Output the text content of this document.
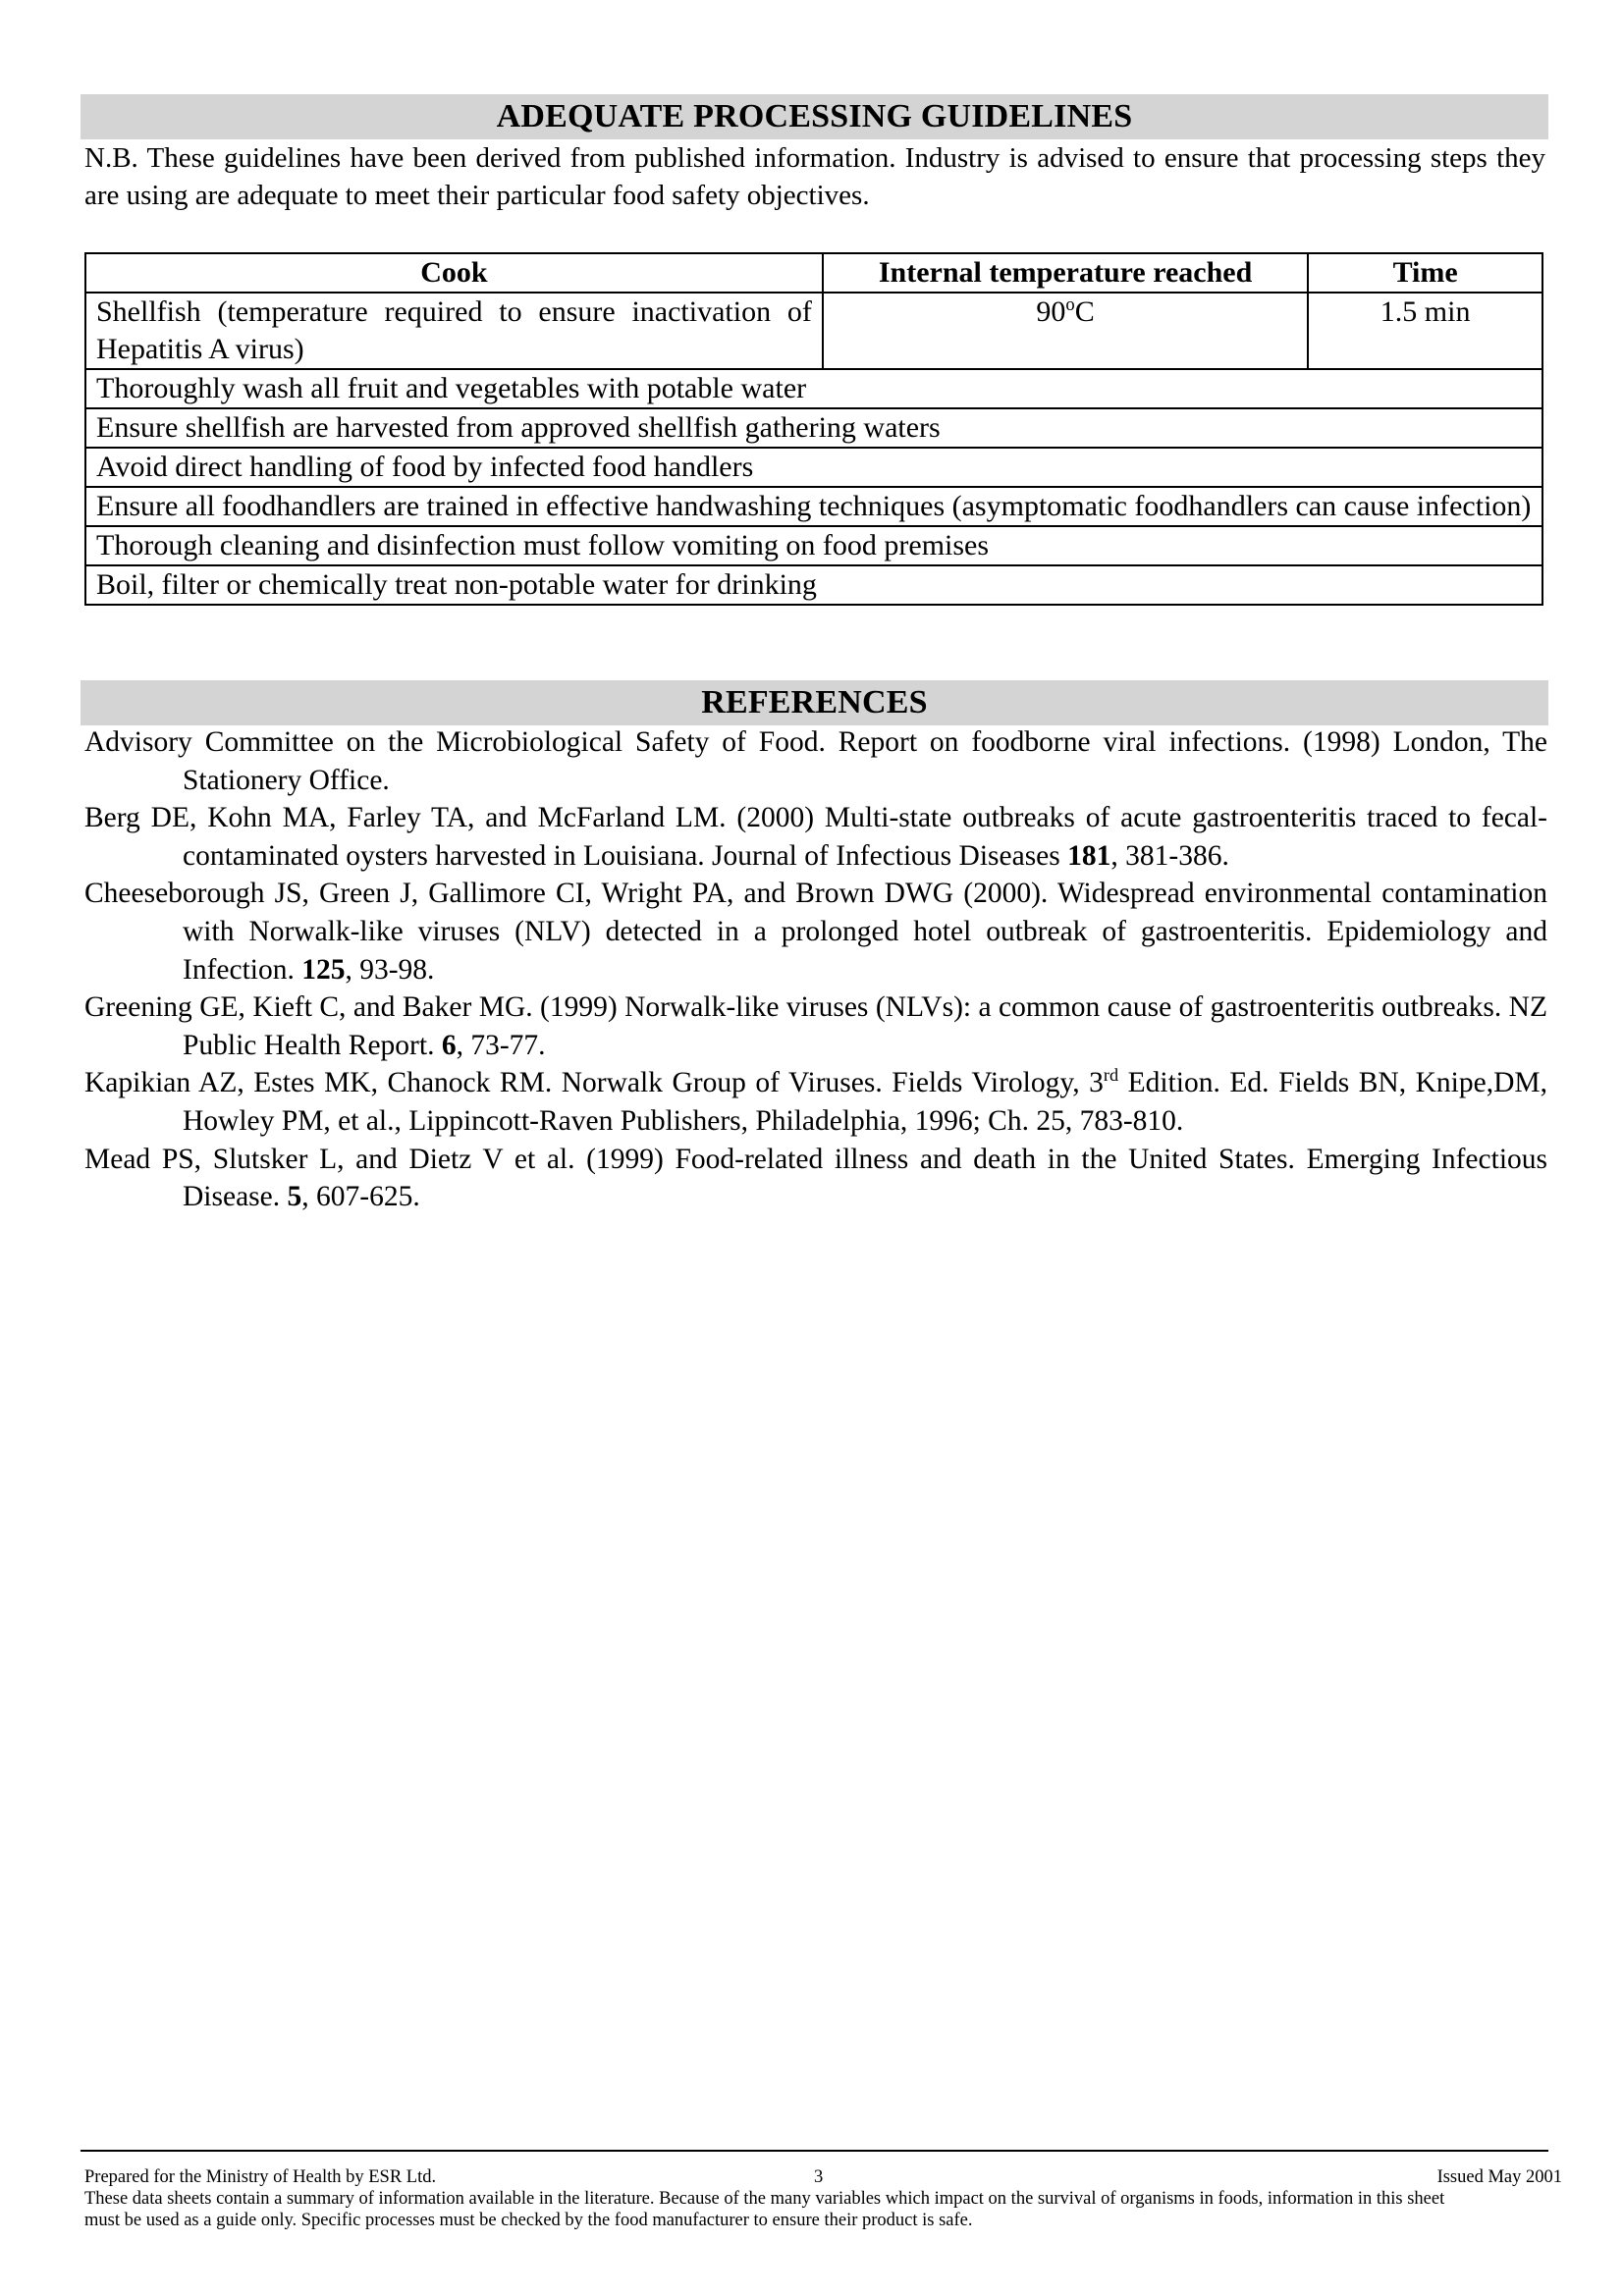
ADEQUATE PROCESSING GUIDELINES
N.B. These guidelines have been derived from published information. Industry is advised to ensure that processing steps they are using are adequate to meet their particular food safety objectives.
Cook	Internal temperature reached	Time
Shellfish (temperature required to ensure inactivation of Hepatitis A virus)	90$^o$C	1.5 min
Thoroughly wash all fruit and vegetables with potable water		
Ensure shellfish are harvested from approved shellfish gathering waters		
Avoid direct handling of food by infected food handlers		
Ensure all foodhandlers are trained in effective handwashing techniques (asymptomatic foodhandlers can cause infection)		
Thorough cleaning and disinfection must follow vomiting on food premises		
Boil, filter or chemically treat non-potable water for drinking		
REFERENCES

Advisory Committee on the Microbiological Safety of Food. Report on foodborne viral infections. (1998) London, The Stationery Office.

Berg DE, Kohn MA, Farley TA, and McFarland LM. (2000) Multi-state outbreaks of acute gastroenteritis traced to fecal-contaminated oysters harvested in Louisiana. Journal of Infectious Diseases 181, 381-386.

Cheeseborough JS, Green J, Gallimore CI, Wright PA, and Brown DWG (2000). Widespread environmental contamination with Norwalk-like viruses (NLV) detected in a prolonged hotel outbreak of gastroenteritis. Epidemiology and Infection. 125, 93-98.

Greening GE, Kieft C, and Baker MG. (1999) Norwalk-like viruses (NLVs): a common cause of gastroenteritis outbreaks. NZ Public Health Report. 6, 73-77.

Kapikian AZ, Estes MK, Chanock RM. Norwalk Group of Viruses. Fields Virology, 3rd Edition. Ed. Fields BN, Knipe,DM, Howley PM, et al., Lippincott-Raven Publishers, Philadelphia, 1996; Ch. 25, 783-810.

Mead PS, Slutsker L, and Dietz V et al. (1999) Food-related illness and death in the United States. Emerging Infectious Disease. 5, 607-625.

Prepared for the Ministry of Health by ESR Ltd.	3	Issued May 2001
These data sheets contain a summary of information available in the literature. Because of the many variables which impact on the survival of organisms in foods, information in this sheet must be used as a guide only. Specific processes must be checked by the food manufacturer to ensure their product is safe.
